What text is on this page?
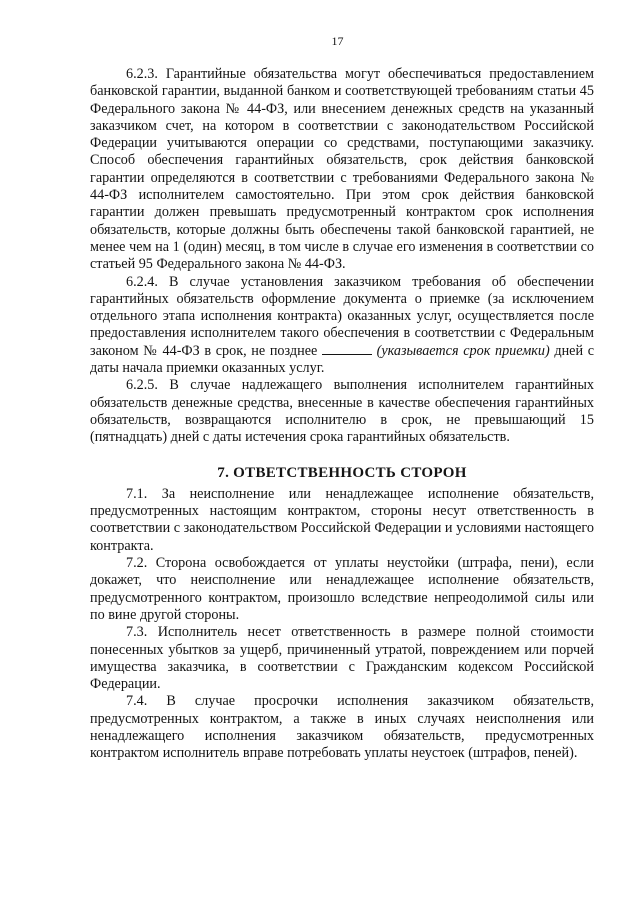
17

6.2.3. Гарантийные обязательства могут обеспечиваться предоставлением банковской гарантии, выданной банком и соответствующей требованиям статьи 45 Федерального закона № 44-ФЗ, или внесением денежных средств на указанный заказчиком счет, на котором в соответствии с законодательством Российской Федерации учитываются операции со средствами, поступающими заказчику. Способ обеспечения гарантийных обязательств, срок действия банковской гарантии определяются в соответствии с требованиями Федерального закона № 44-ФЗ исполнителем самостоятельно. При этом срок действия банковской гарантии должен превышать предусмотренный контрактом срок исполнения обязательств, которые должны быть обеспечены такой банковской гарантией, не менее чем на 1 (один) месяц, в том числе в случае его изменения в соответствии со статьей 95 Федерального закона № 44-ФЗ.

6.2.4. В случае установления заказчиком требования об обеспечении гарантийных обязательств оформление документа о приемке (за исключением отдельного этапа исполнения контракта) оказанных услуг, осуществляется после предоставления исполнителем такого обеспечения в соответствии с Федеральным законом № 44-ФЗ в срок, не позднее	(указывается срок приемки) дней с даты начала приемки оказанных услуг.

6.2.5. В случае надлежащего выполнения исполнителем гарантийных обязательств денежные средства, внесенные в качестве обеспечения гарантийных обязательств, возвращаются исполнителю в срок, не превышающий 15 (пятнадцать) дней с даты истечения срока гарантийных обязательств.

7. ОТВЕТСТВЕННОСТЬ СТОРОН

7.1. За неисполнение или ненадлежащее исполнение обязательств, предусмотренных настоящим контрактом, стороны несут ответственность в соответствии с законодательством Российской Федерации и условиями настоящего контракта.

7.2. Сторона освобождается от уплаты неустойки (штрафа, пени), если докажет, что неисполнение или ненадлежащее исполнение обязательств, предусмотренного контрактом, произошло вследствие непреодолимой силы или по вине другой стороны.

7.3. Исполнитель несет ответственность в размере полной стоимости понесенных убытков за ущерб, причиненный утратой, повреждением или порчей имущества заказчика, в соответствии с Гражданским кодексом Российской Федерации.

7.4. В случае просрочки исполнения заказчиком обязательств, предусмотренных контрактом, а также в иных случаях неисполнения или ненадлежащего исполнения заказчиком обязательств, предусмотренных контрактом исполнитель вправе потребовать уплаты неустоек (штрафов, пеней).
